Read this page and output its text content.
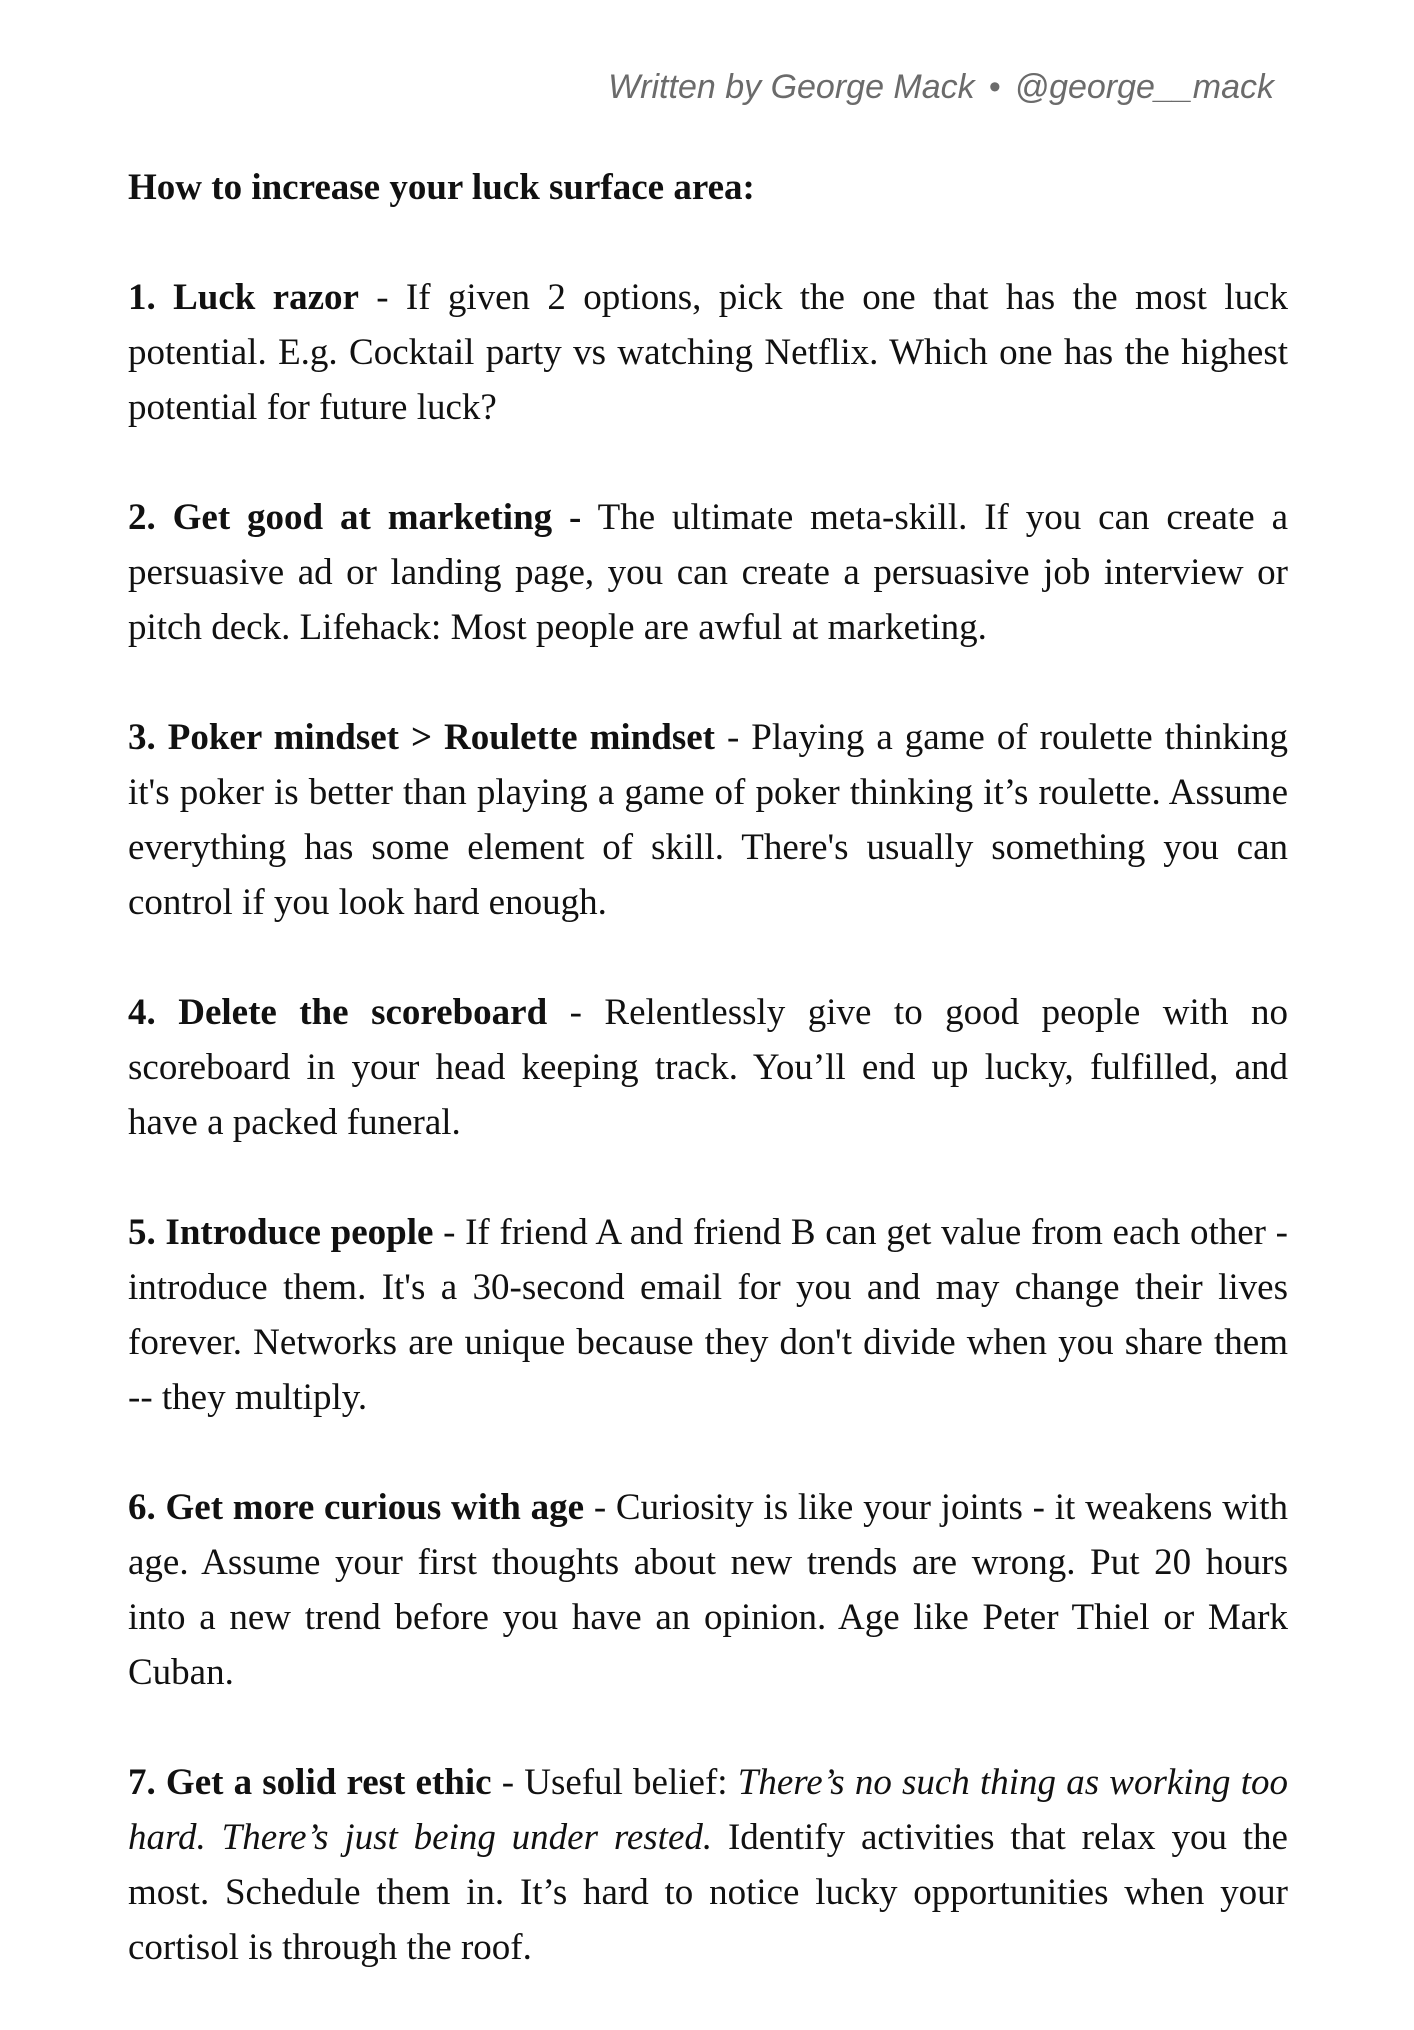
Written by George Mack • @george__mack
How to increase your luck surface area:

1. Luck razor - If given 2 options, pick the one that has the most luck potential. E.g. Cocktail party vs watching Netflix. Which one has the highest potential for future luck?

2. Get good at marketing - The ultimate meta-skill. If you can create a persuasive ad or landing page, you can create a persuasive job interview or pitch deck. Lifehack: Most people are awful at marketing.

3. Poker mindset > Roulette mindset - Playing a game of roulette thinking it's poker is better than playing a game of poker thinking it’s roulette. Assume everything has some element of skill. There's usually something you can control if you look hard enough.

4. Delete the scoreboard - Relentlessly give to good people with no scoreboard in your head keeping track. You’ll end up lucky, fulfilled, and have a packed funeral.

5. Introduce people - If friend A and friend B can get value from each other - introduce them. It's a 30-second email for you and may change their lives forever. Networks are unique because they don't divide when you share them -- they multiply.

6. Get more curious with age - Curiosity is like your joints - it weakens with age. Assume your first thoughts about new trends are wrong. Put 20 hours into a new trend before you have an opinion. Age like Peter Thiel or Mark Cuban.

7. Get a solid rest ethic - Useful belief: There’s no such thing as working too hard. There’s just being under rested. Identify activities that relax you the most. Schedule them in. It’s hard to notice lucky opportunities when your cortisol is through the roof.
